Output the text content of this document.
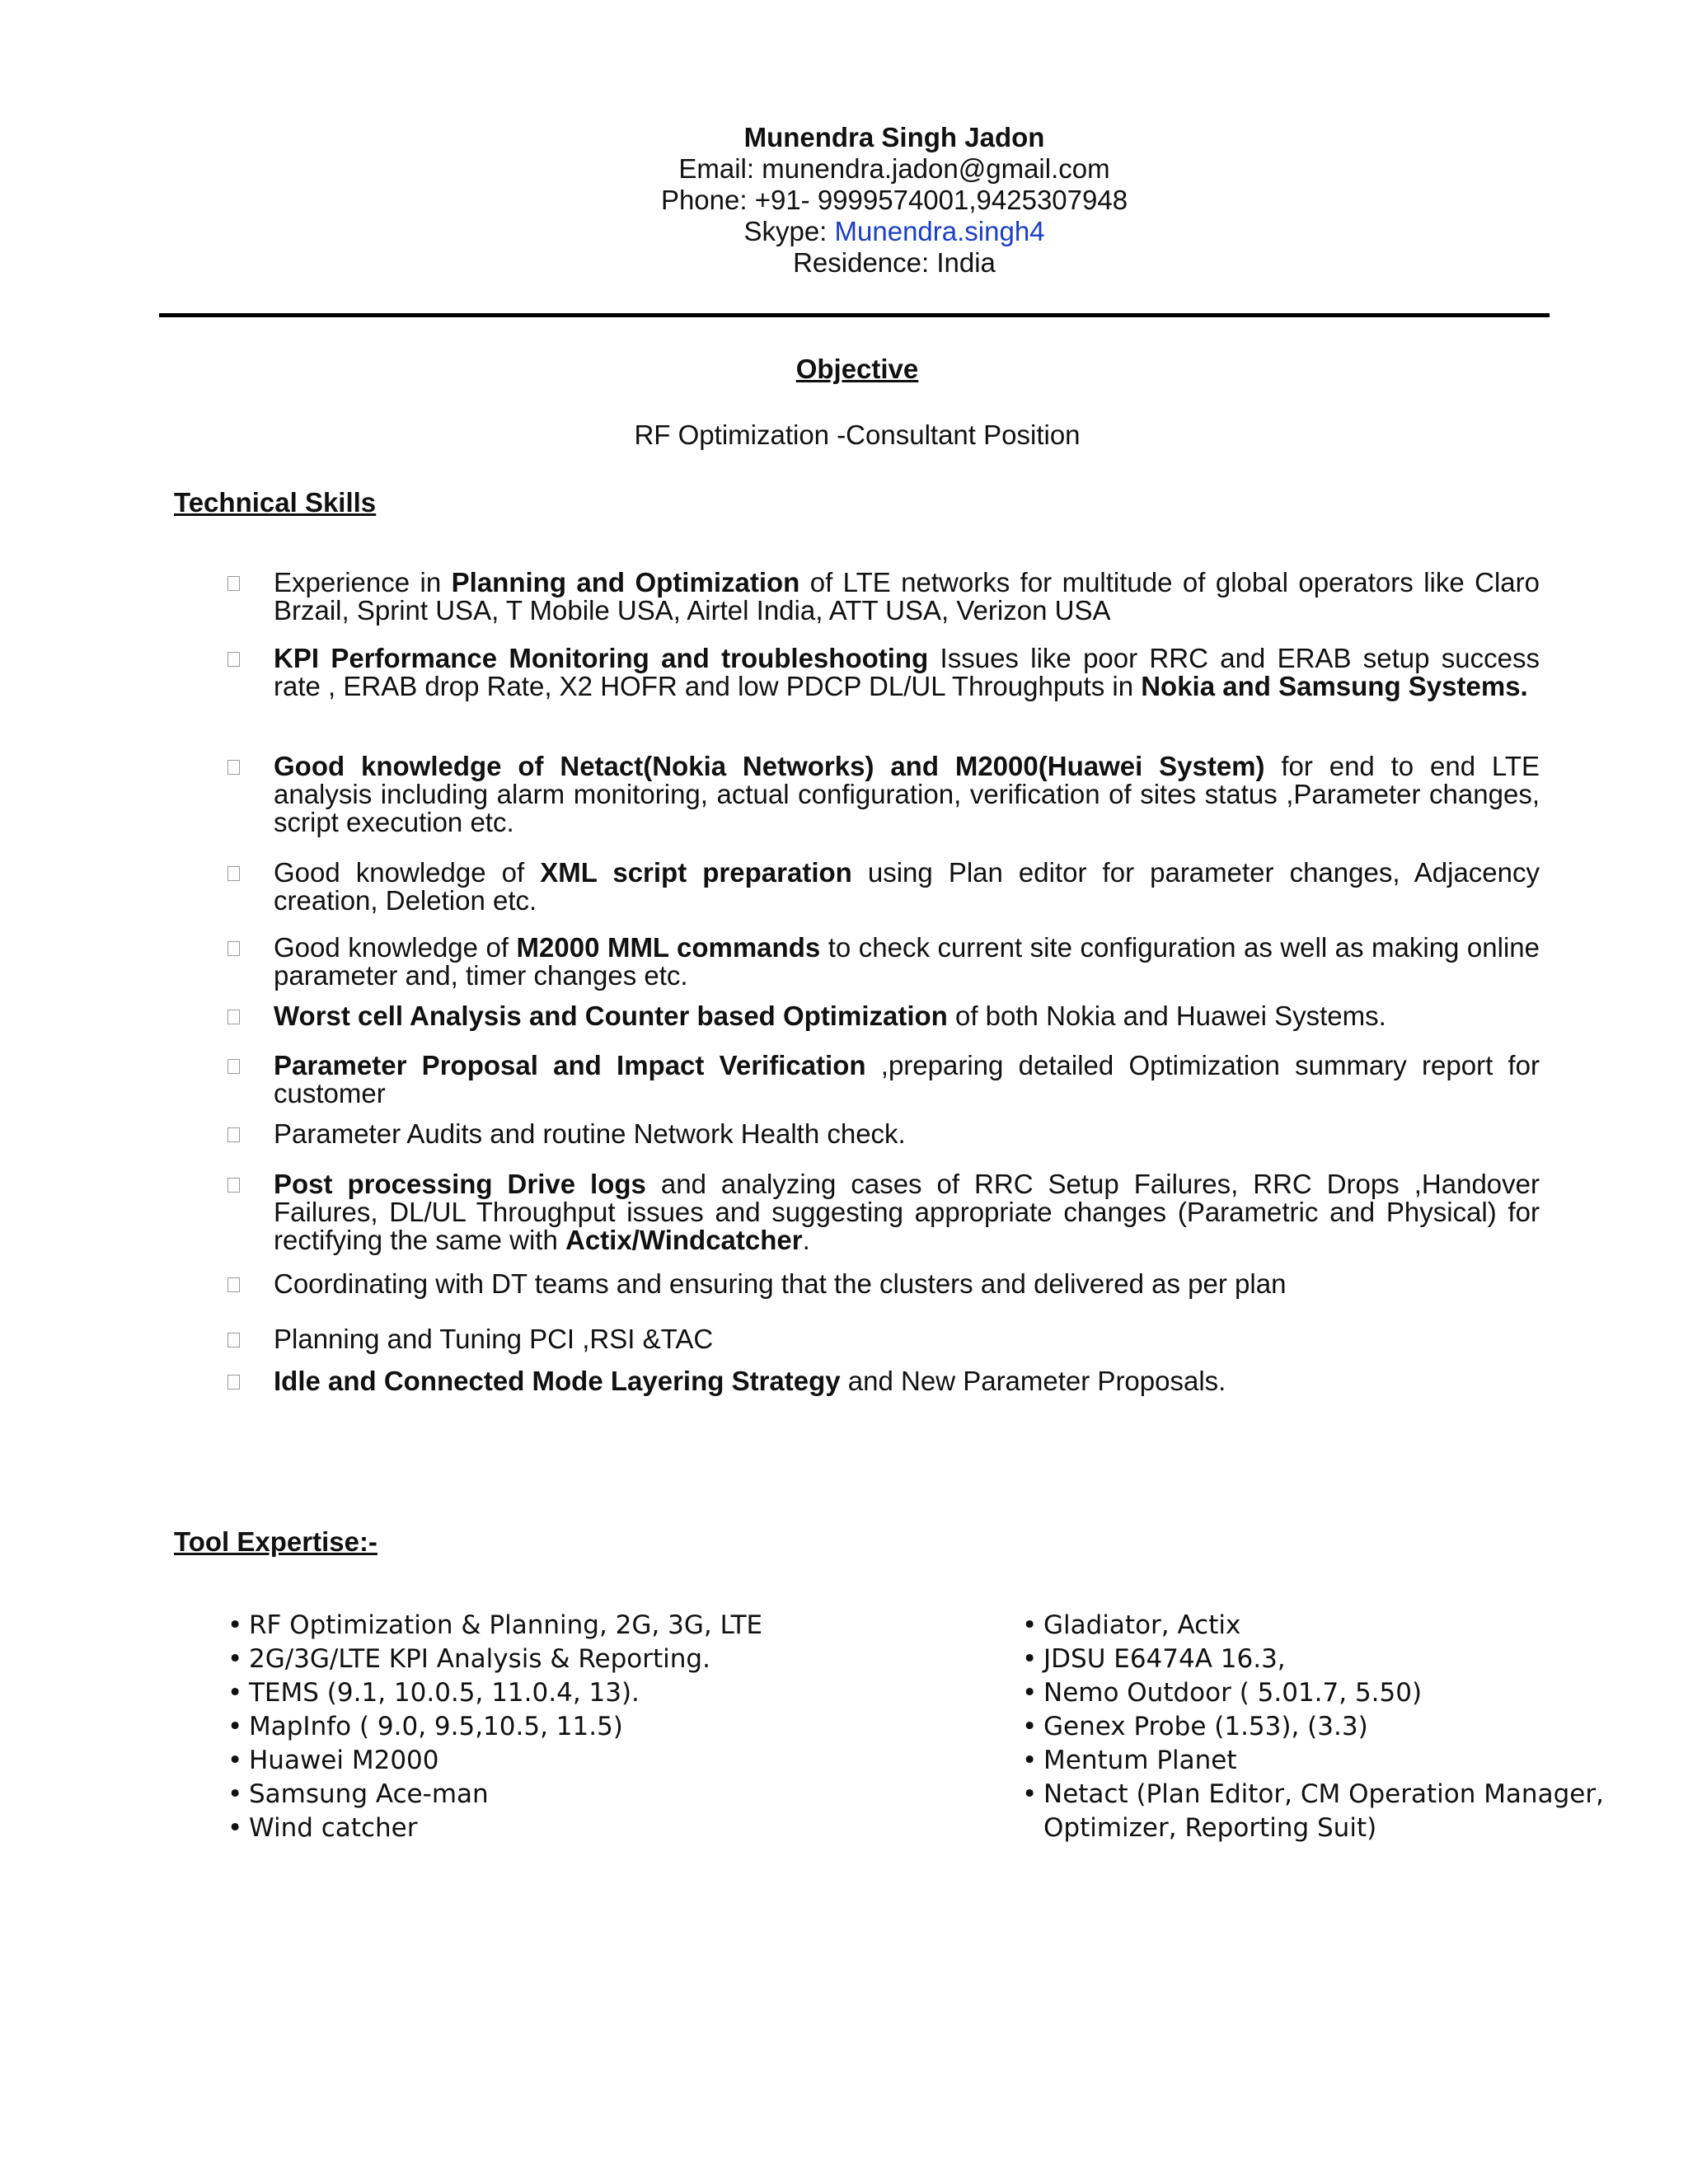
Munendra Singh Jadon
Email: munendra.jadon@gmail.com
Phone: +91- 9999574001,9425307948
Skype: Munendra.singh4
Residence: India
Objective
RF Optimization -Consultant Position
Technical Skills
Experience in Planning and Optimization of LTE networks for multitude of global operators like Claro Brzail, Sprint USA, T Mobile USA, Airtel India, ATT USA, Verizon USA
KPI Performance Monitoring and troubleshooting Issues like poor RRC and ERAB setup success rate , ERAB drop Rate, X2 HOFR and low PDCP DL/UL Throughputs in Nokia and Samsung Systems.
Good knowledge of Netact(Nokia Networks) and M2000(Huawei System) for end to end LTE analysis including alarm monitoring, actual configuration, verification of sites status ,Parameter changes, script execution etc.
Good knowledge of XML script preparation using Plan editor for parameter changes, Adjacency creation, Deletion etc.
Good knowledge of M2000 MML commands to check current site configuration as well as making online parameter and, timer changes etc.
Worst cell Analysis and Counter based Optimization of both Nokia and Huawei Systems.
Parameter Proposal and Impact Verification ,preparing detailed Optimization summary report for customer
Parameter Audits and routine Network Health check.
Post processing Drive logs and analyzing cases of RRC Setup Failures, RRC Drops ,Handover Failures, DL/UL Throughput issues and suggesting appropriate changes (Parametric and Physical) for rectifying the same with Actix/Windcatcher.
Coordinating with DT teams and ensuring that the clusters and delivered as per plan
Planning and Tuning PCI ,RSI &TAC
Idle and Connected Mode Layering Strategy and New Parameter Proposals.
Tool Expertise:-
• RF Optimization & Planning, 2G, 3G, LTE
• 2G/3G/LTE KPI Analysis & Reporting.
• TEMS (9.1, 10.0.5, 11.0.4, 13).
• MapInfo ( 9.0, 9.5,10.5, 11.5)
• Huawei M2000
• Samsung Ace-man
• Wind catcher
• Gladiator, Actix
• JDSU E6474A 16.3,
• Nemo Outdoor ( 5.01.7, 5.50)
• Genex Probe (1.53), (3.3)
• Mentum Planet
• Netact (Plan Editor, CM Operation Manager,
Optimizer, Reporting Suit)
